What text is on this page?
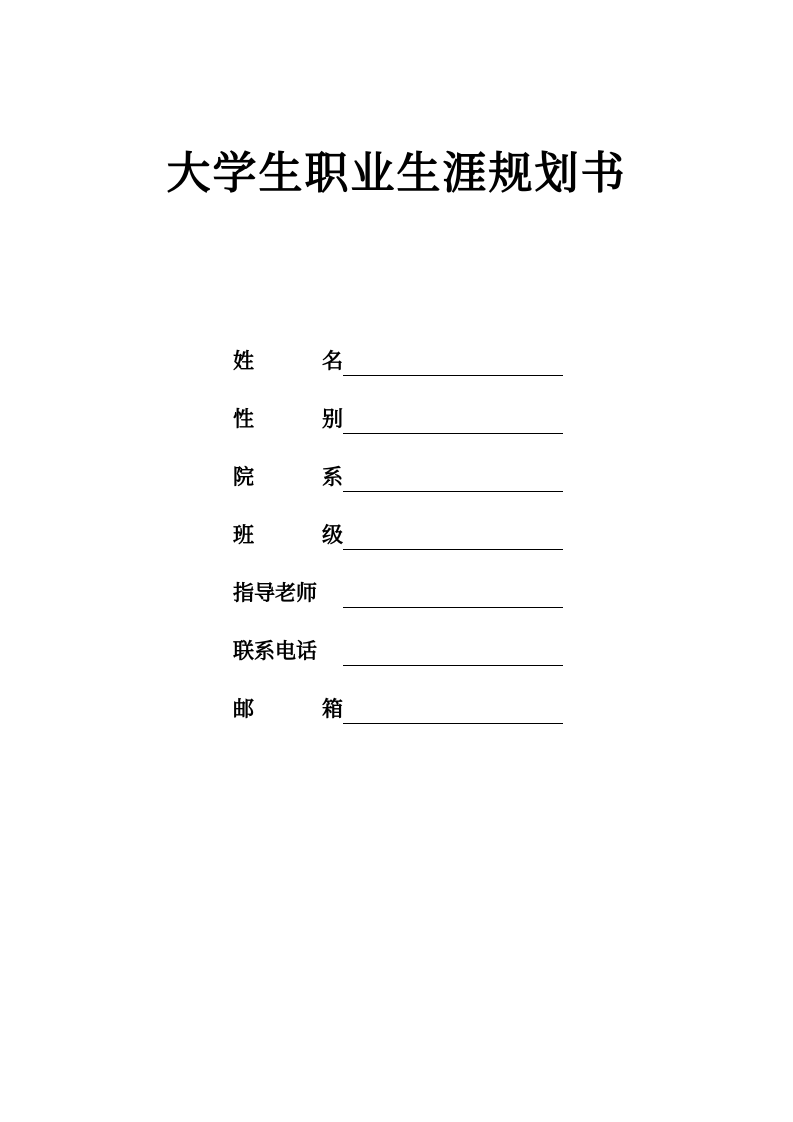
大学生职业生涯规划书
姓	名
性	别
院	系
班	级
指导老师
联系电话
邮	箱
